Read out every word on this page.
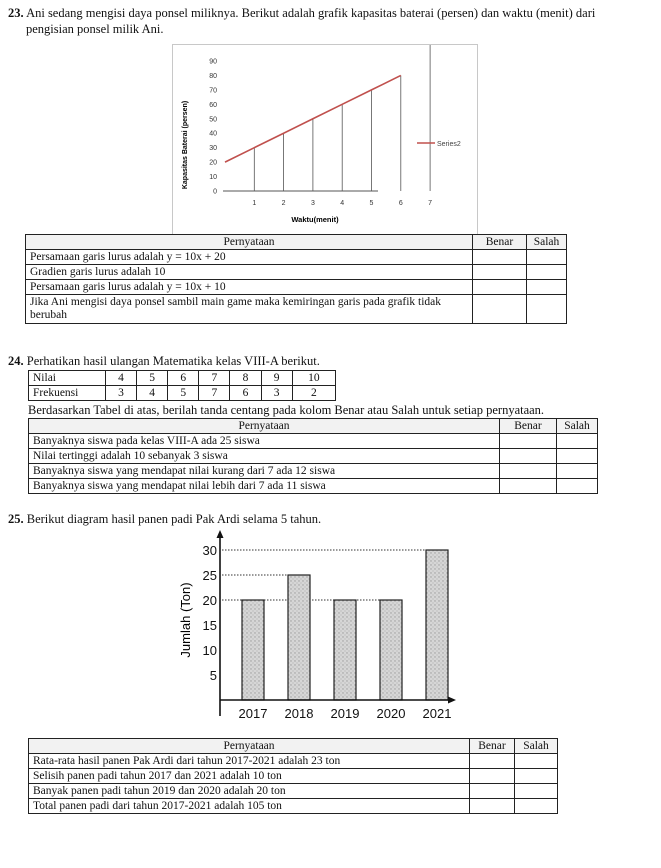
23. Ani sedang mengisi daya ponsel miliknya. Berikut adalah grafik kapasitas baterai (persen) dan waktu (menit) dari
pengisian ponsel milik Ani.
0
10
20
30
40
50
60
70
80
90
1	2	3	4	5	6	7
Kapasitas Baterai (persen)
Waktu(menit)
Series2
Pernyataan	Benar	Salah
Persamaan garis lurus adalah y = 10x + 20		
Gradien garis lurus adalah 10		
Persamaan garis lurus adalah y = 10x + 10		
Jika Ani mengisi daya ponsel sambil main game maka kemiringan garis pada grafik tidak berubah		
24. Perhatikan hasil ulangan Matematika kelas VIII-A berikut.
Nilai	4	5	6	7	8	9	10
Frekuensi	3	4	5	7	6	3	2
Berdasarkan Tabel di atas, berilah tanda centang pada kolom Benar atau Salah untuk setiap pernyataan.
Pernyataan	Benar	Salah
Banyaknya siswa pada kelas VIII-A ada 25 siswa		
Nilai tertinggi adalah 10 sebanyak 3 siswa		
Banyaknya siswa yang mendapat nilai kurang dari 7 ada 12 siswa		
Banyaknya siswa yang mendapat nilai lebih dari 7 ada 11 siswa		
25. Berikut diagram hasil panen padi Pak Ardi selama 5 tahun.
5
10
15
20
25
30
2017 2018 2019 2020 2021
Jumlah (Ton)
Pernyataan	Benar	Salah
Rata-rata hasil panen Pak Ardi dari tahun 2017-2021 adalah 23 ton		
Selisih panen padi tahun 2017 dan 2021 adalah 10 ton		
Banyak panen padi tahun 2019 dan 2020 adalah 20 ton		
Total panen padi dari tahun 2017-2021 adalah 105 ton		
